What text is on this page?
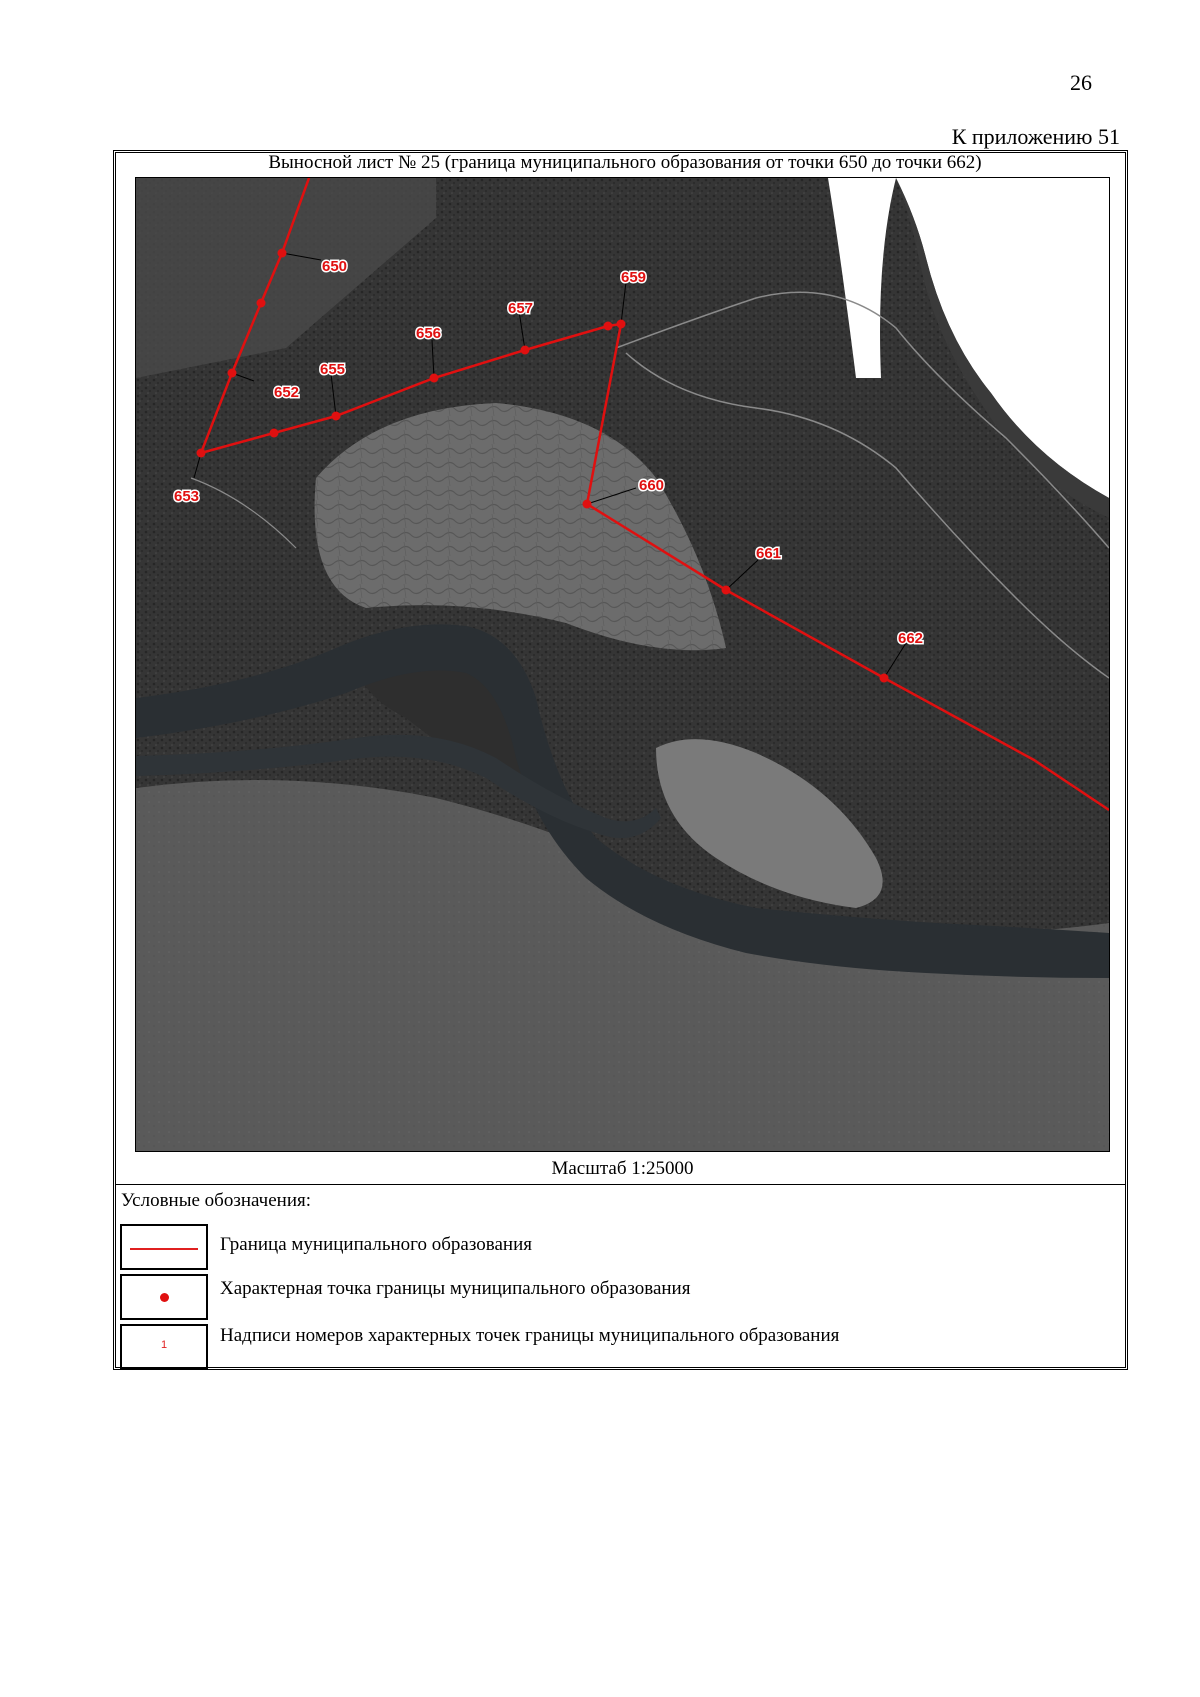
26
К приложению 51
Выносной лист № 25 (граница муниципального образования от точки 650 до точки 662)
650
652
653
655
656
657
659
660
661
662
Масштаб 1:25000
Условные обозначения:
Граница муниципального образования
Характерная точка границы муниципального образования
1	Надписи номеров характерных точек границы муниципального образования
